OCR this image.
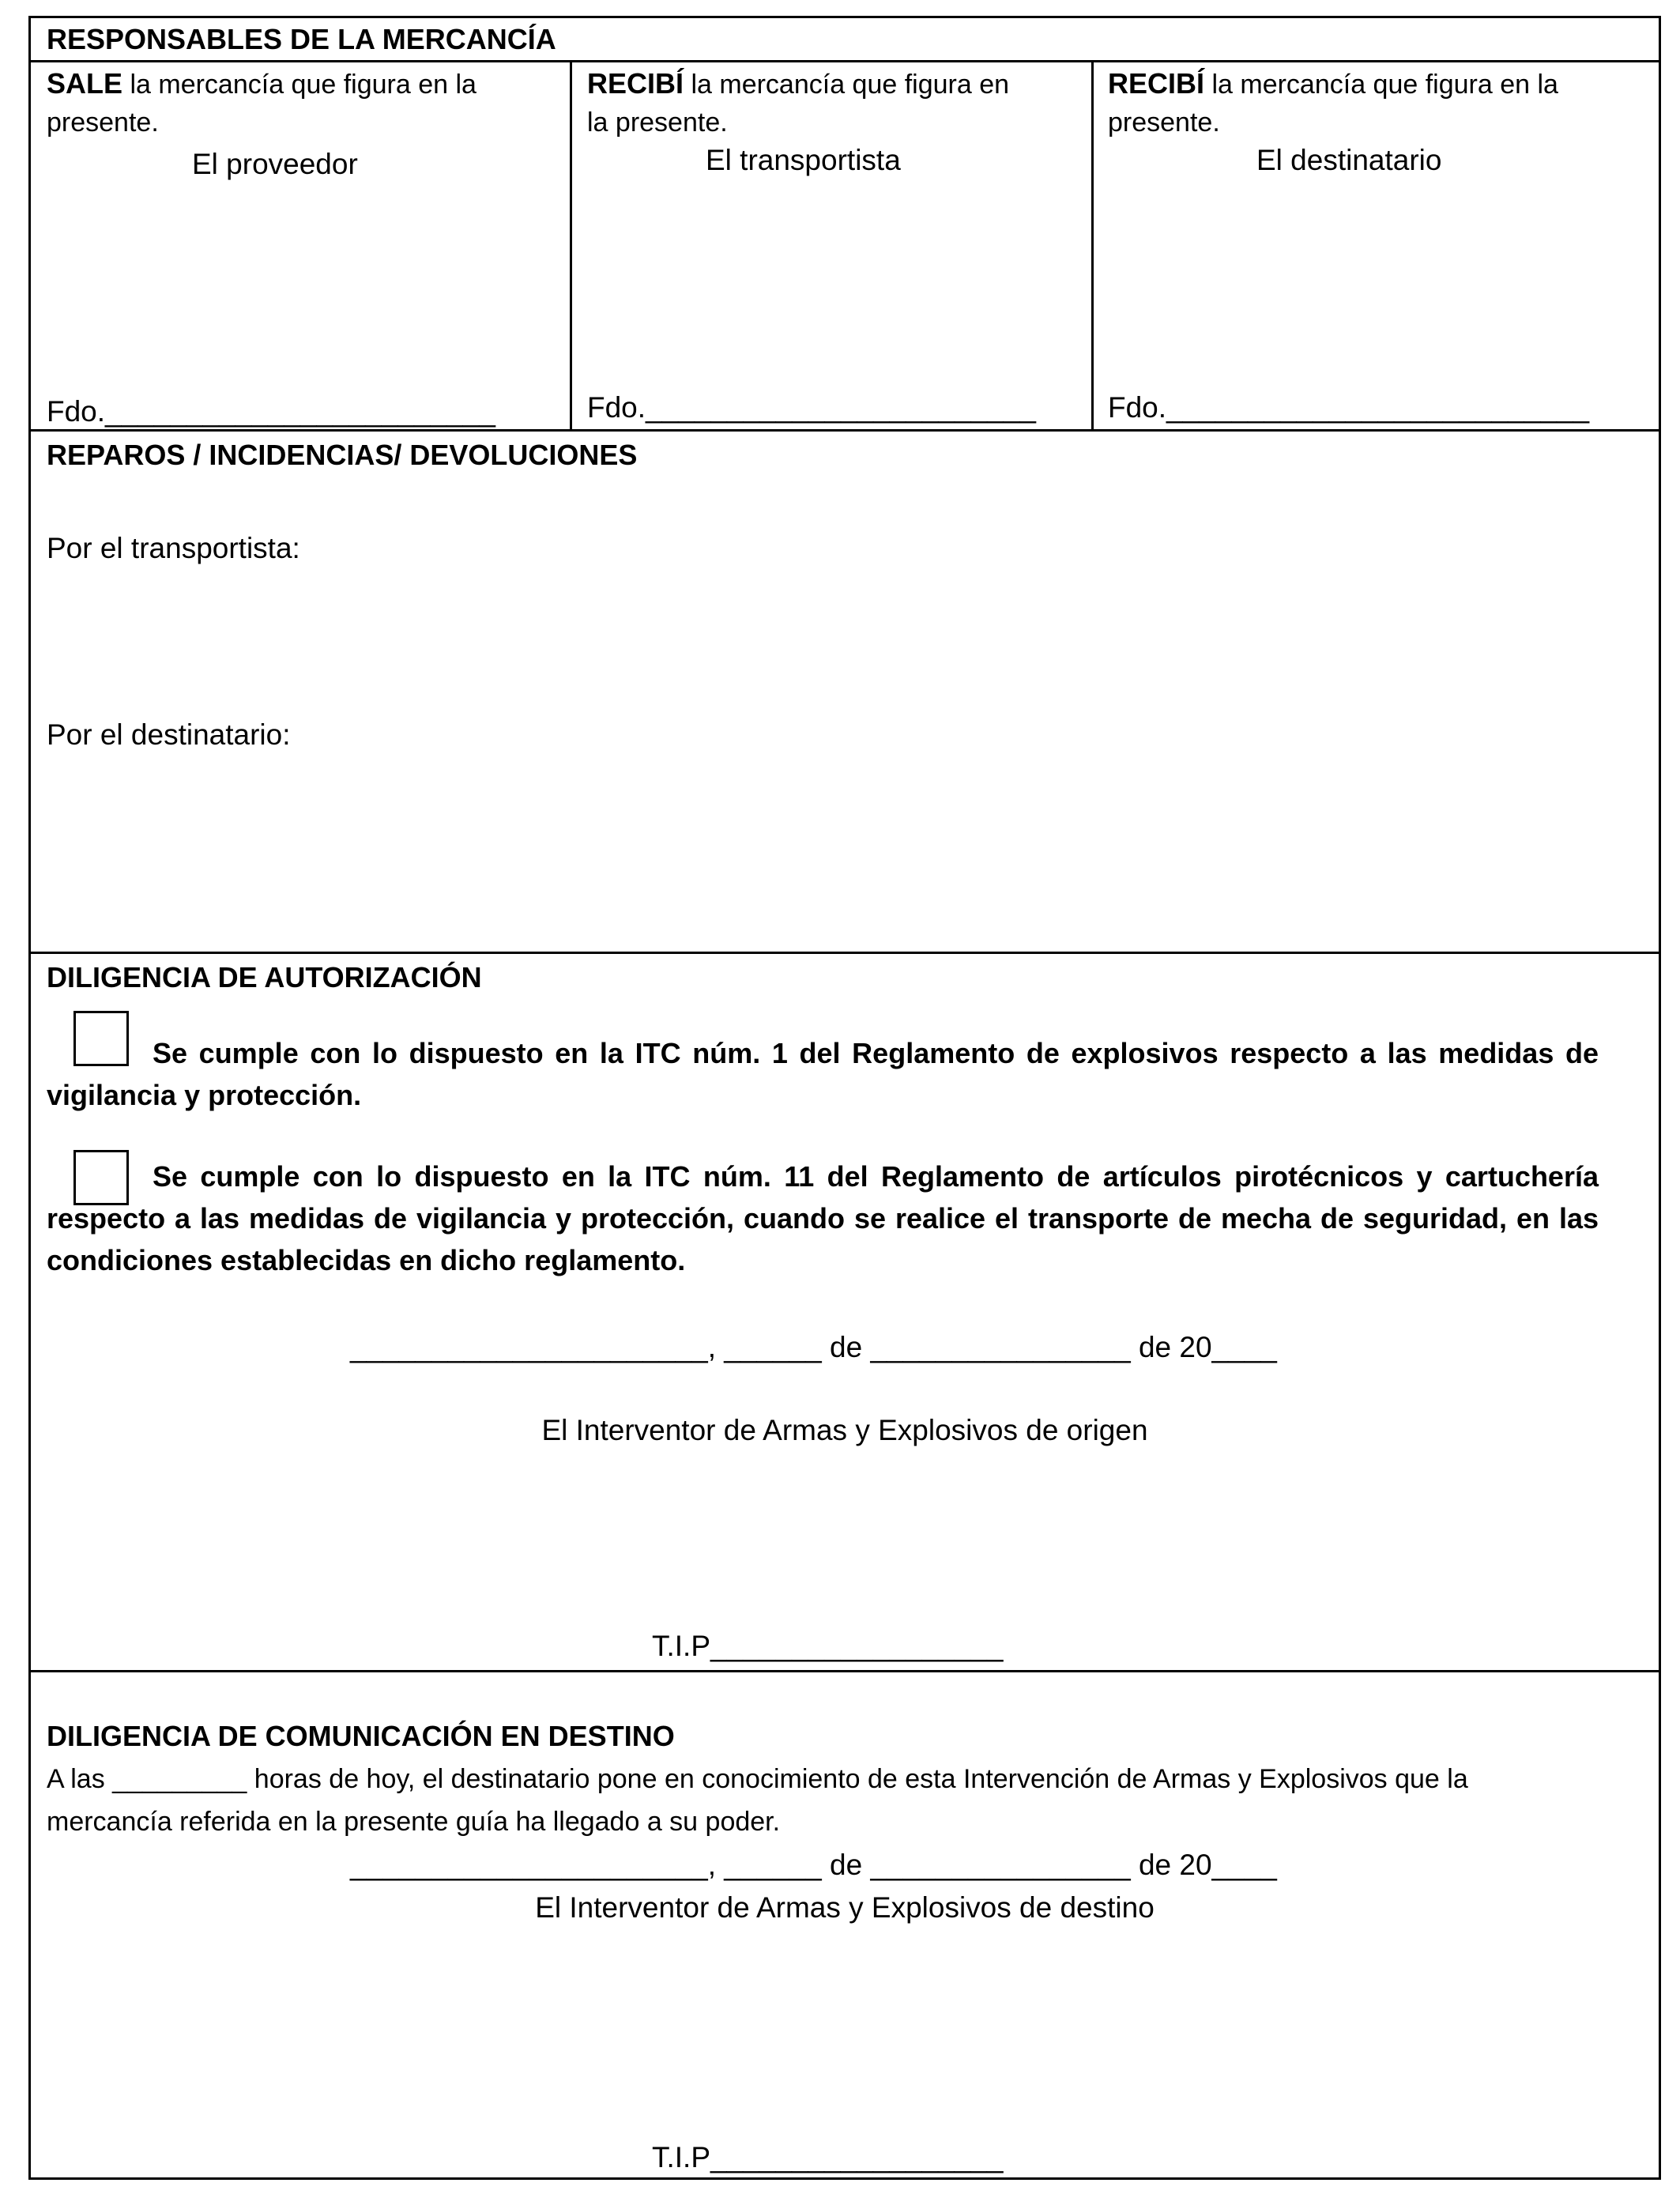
RESPONSABLES DE LA MERCANCÍA
SALE la mercancía que figura en la
presente.
El proveedor
Fdo.________________________
RECIBÍ la mercancía que figura en
la presente.
El transportista
Fdo.________________________
RECIBÍ la mercancía que figura en la
presente.
El destinatario
Fdo.__________________________
REPAROS / INCIDENCIAS/ DEVOLUCIONES
Por el transportista:
Por el destinatario:
DILIGENCIA DE AUTORIZACIÓN
Se cumple con lo dispuesto en la ITC núm. 1 del Reglamento de explosivos respecto a las medidas de vigilancia y protección.
Se cumple con lo dispuesto en la ITC núm. 11 del Reglamento de artículos pirotécnicos y cartuchería respecto a las medidas de vigilancia y protección, cuando se realice el transporte de mecha de seguridad, en las condiciones establecidas en dicho reglamento.
______________________, ______ de ________________ de 20____
El Interventor de Armas y Explosivos de origen
T.I.P__________________
DILIGENCIA DE COMUNICACIÓN EN DESTINO
A las _________ horas de hoy, el destinatario pone en conocimiento de esta Intervención de Armas y Explosivos que la
mercancía referida en la presente guía ha llegado a su poder.
______________________, ______ de ________________ de 20____
El Interventor de Armas y Explosivos de destino
T.I.P__________________
